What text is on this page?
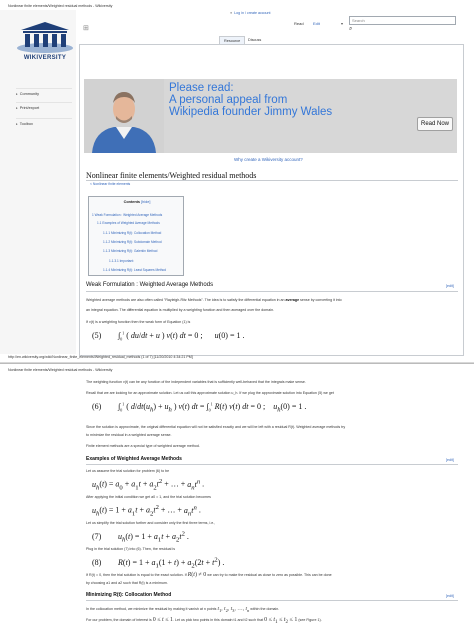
Nonlinear finite elements/Weighted residual methods - Wikiversity
WIKIVERSITY
▸ Community
▸ Print/export
▸ Toolbox
⊞
● Log in / create account
Read	Edit	▾
Search
⌕
Resource	Discuss
Please read:
A personal appeal from
Wikipedia founder Jimmy Wales
Read Now
Why create a Wikiversity account?
Nonlinear finite elements/Weighted residual methods
< Nonlinear finite elements
Contents [hide]
1 Weak Formulation : Weighted Average Methods
1.1 Examples of Weighted Average Methods
1.1.1 Minimizing R(t): Collocation Method
1.1.2 Minimizing R(t): Subdomain Method
1.1.3 Minimizing R(t): Galerkin Method
1.1.3.1 Important:
1.1.4 Minimizing R(t): Least Squares Method
Weak Formulation : Weighted Average Methods	[edit]
Weighted average methods are also often called "Rayleigh-Ritz Methods". The idea is to satisfy the differential equation in an average sense by converting it into
an integral equation. The differential equation is multiplied by a weighting function and then averaged over the domain.
If v(t) is a weighting function then the weak form of Equation (1) is
(5) $\int_0^1$ ( du/dt + u ) v(t) dt = 0 ;      u(0) = 1 .
http://en.wikiversity.org/wiki/Nonlinear_finite_elements/Weighted_residual_methods (1 of 7) [11/20/2010 4:34:21 PM]
Nonlinear finite elements/Weighted residual methods - Wikiversity
The weighting function v(t) can be any function of the independent variables that is sufficiently well-behaved that the integrals make sense.
Recall that we are looking for an approximate solution. Let us call this approximate solution u_h. If we plug the approximate solution into Equation (5) we get
(6) $\int_0^1$ ( $d/dt(u_h) + u_h$ ) v(t) dt = $\int_0^1$ R(t) v(t) dt = 0 ;    $u_h(0) = 1$ .
Since the solution is approximate, the original differential equation will not be satisfied exactly and we will be left with a residual R(t). Weighted average methods try
to minimize the residual in a weighted average sense.
Finite element methods are a special type of weighted average method.
Examples of Weighted Average Methods	[edit]
Let us assume the trial solution for problem (6) to be
$u_h(t) = a_0 + a_1t + a_2t^2$ + … + $a_nt^n$ .
After applying the initial condition we get a0 = 1, and the trial solution becomes
$u_h(t) = 1 + a_1t + a_2t^2$ + … + $a_nt^n$ .
Let us simplify the trial solution further and consider only the first three terms, i.e.,
(7) $u_h(t) = 1 + a_1t + a_2t^2$ .
Plug in the trial solution (7) into (6). Then, the residual is
(8) $R(t) = 1 + a_1(1 + t) + a_2(2t + t^2)$ .
If R(t) = 0, then the trial solution is equal to the exact solution. If R(t) ≠ 0 we can try to make the residual as close to zero as possible. This can be done
by choosing a1 and a2 such that R(t) is a minimum.
Minimizing R(t): Collocation Method	[edit]
In the collocation method, we minimize the residual by making it vanish at n points $t_1$, $t_2$, $t_3$, …, $t_n$ within the domain.
For our problem, the domain of interest is 0 ≤ t ≤ 1. Let us pick two points in this domain t1 and t2 such that $0 \le t_1 \le t_2 \le 1$ (see Figure 1).
